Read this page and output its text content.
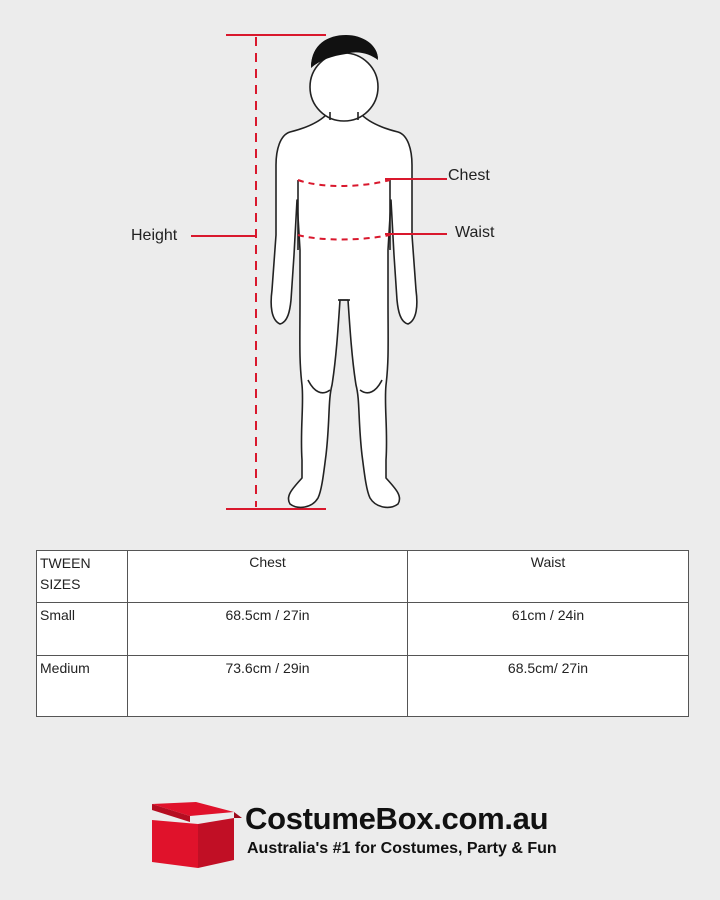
Height
Chest
Waist
TWEEN SIZES	Chest	Waist
Small	68.5cm / 27in	61cm / 24in
Medium	73.6cm / 29in	68.5cm/ 27in
CostumeBox.com.au
Australia's #1 for Costumes, Party & Fun
